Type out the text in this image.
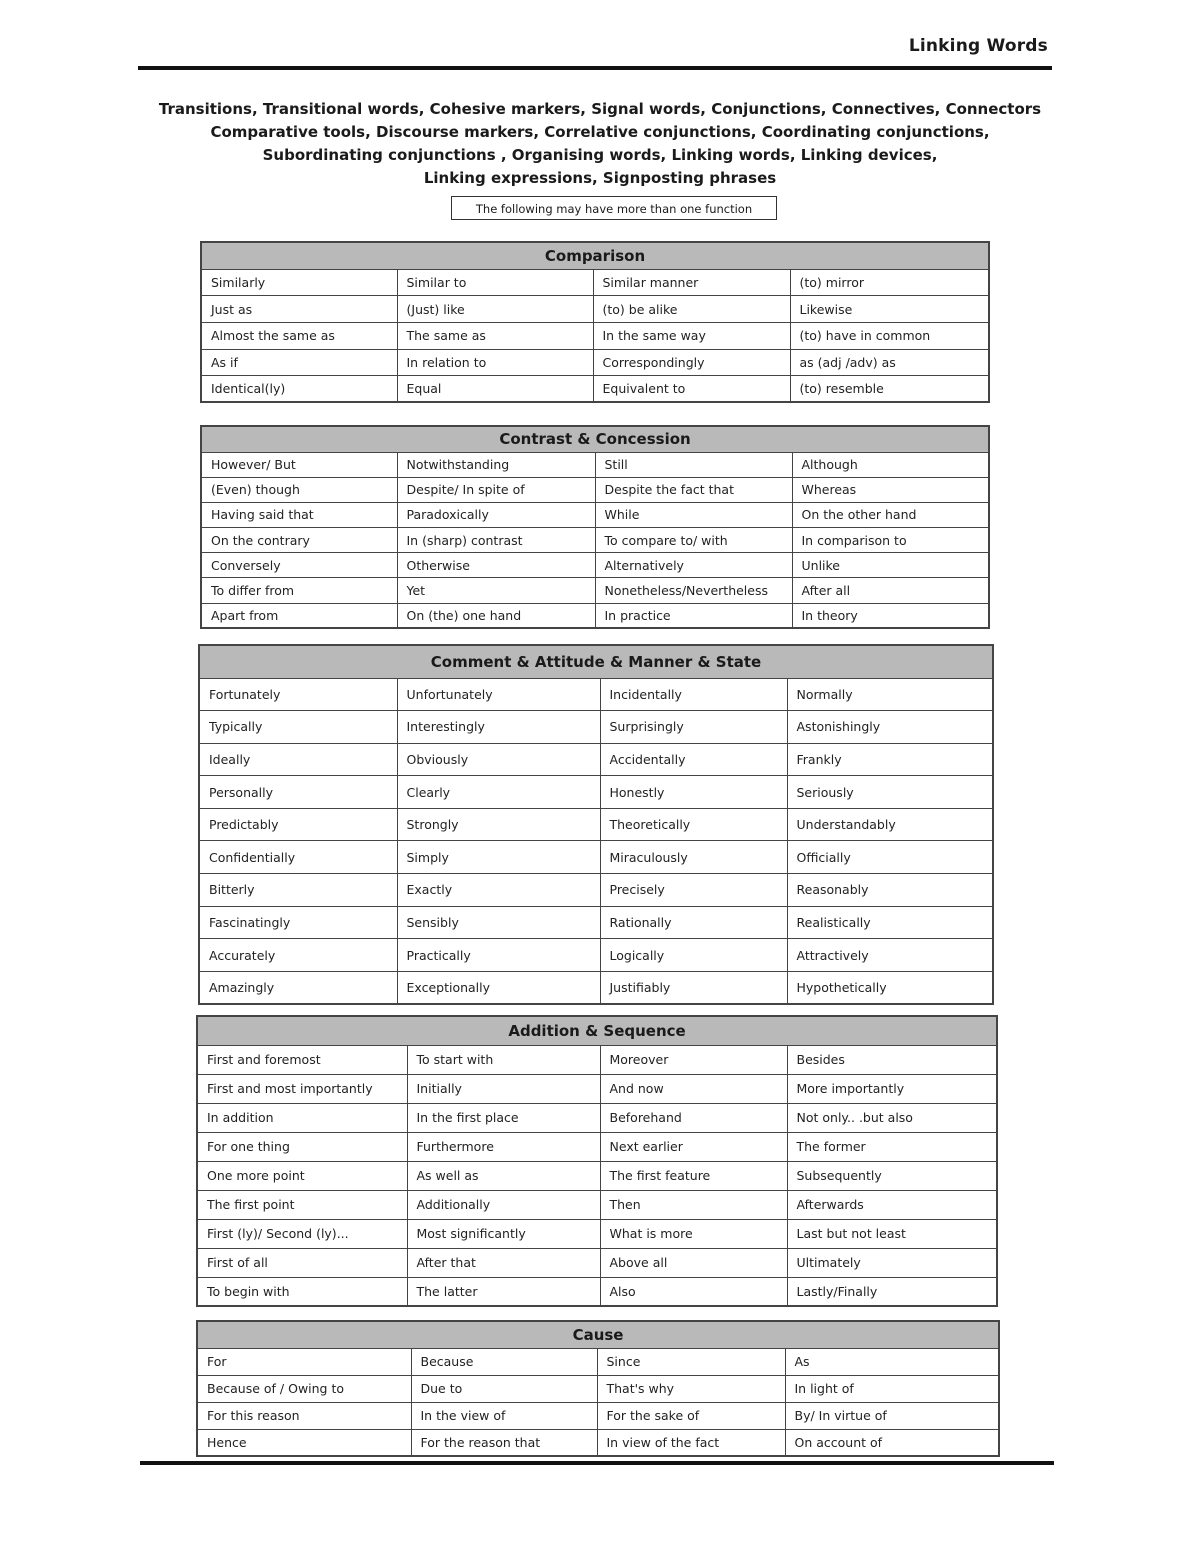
Linking Words
Transitions, Transitional words, Cohesive markers, Signal words, Conjunctions, Connectives, Connectors
Comparative tools, Discourse markers, Correlative conjunctions, Coordinating conjunctions,
Subordinating conjunctions , Organising words, Linking words, Linking devices,
Linking expressions, Signposting phrases
The following may have more than one function
Comparison			
Similarly	Similar to	Similar manner	(to) mirror
Just as	(Just) like	(to) be alike	Likewise
Almost the same as	The same as	In the same way	(to) have in common
As if	In relation to	Correspondingly	as (adj /adv) as
Identical(ly)	Equal	Equivalent to	(to) resemble
Contrast & Concession			
However/ But	Notwithstanding	Still	Although
(Even) though	Despite/ In spite of	Despite the fact that	Whereas
Having said that	Paradoxically	While	On the other hand
On the contrary	In (sharp) contrast	To compare to/ with	In comparison to
Conversely	Otherwise	Alternatively	Unlike
To differ from	Yet	Nonetheless/Nevertheless	After all
Apart from	On (the) one hand	In practice	In theory
Comment & Attitude & Manner & State			
Fortunately	Unfortunately	Incidentally	Normally
Typically	Interestingly	Surprisingly	Astonishingly
Ideally	Obviously	Accidentally	Frankly
Personally	Clearly	Honestly	Seriously
Predictably	Strongly	Theoretically	Understandably
Confidentially	Simply	Miraculously	Officially
Bitterly	Exactly	Precisely	Reasonably
Fascinatingly	Sensibly	Rationally	Realistically
Accurately	Practically	Logically	Attractively
Amazingly	Exceptionally	Justifiably	Hypothetically
Addition & Sequence			
First and foremost	To start with	Moreover	Besides
First and most importantly	Initially	And now	More importantly
In addition	In the first place	Beforehand	Not only.. .but also
For one thing	Furthermore	Next earlier	The former
One more point	As well as	The first feature	Subsequently
The first point	Additionally	Then	Afterwards
First (ly)/ Second (ly)...	Most significantly	What is more	Last but not least
First of all	After that	Above all	Ultimately
To begin with	The latter	Also	Lastly/Finally
Cause			
For	Because	Since	As
Because of / Owing to	Due to	That's why	In light of
For this reason	In the view of	For the sake of	By/ In virtue of
Hence	For the reason that	In view of the fact	On account of
